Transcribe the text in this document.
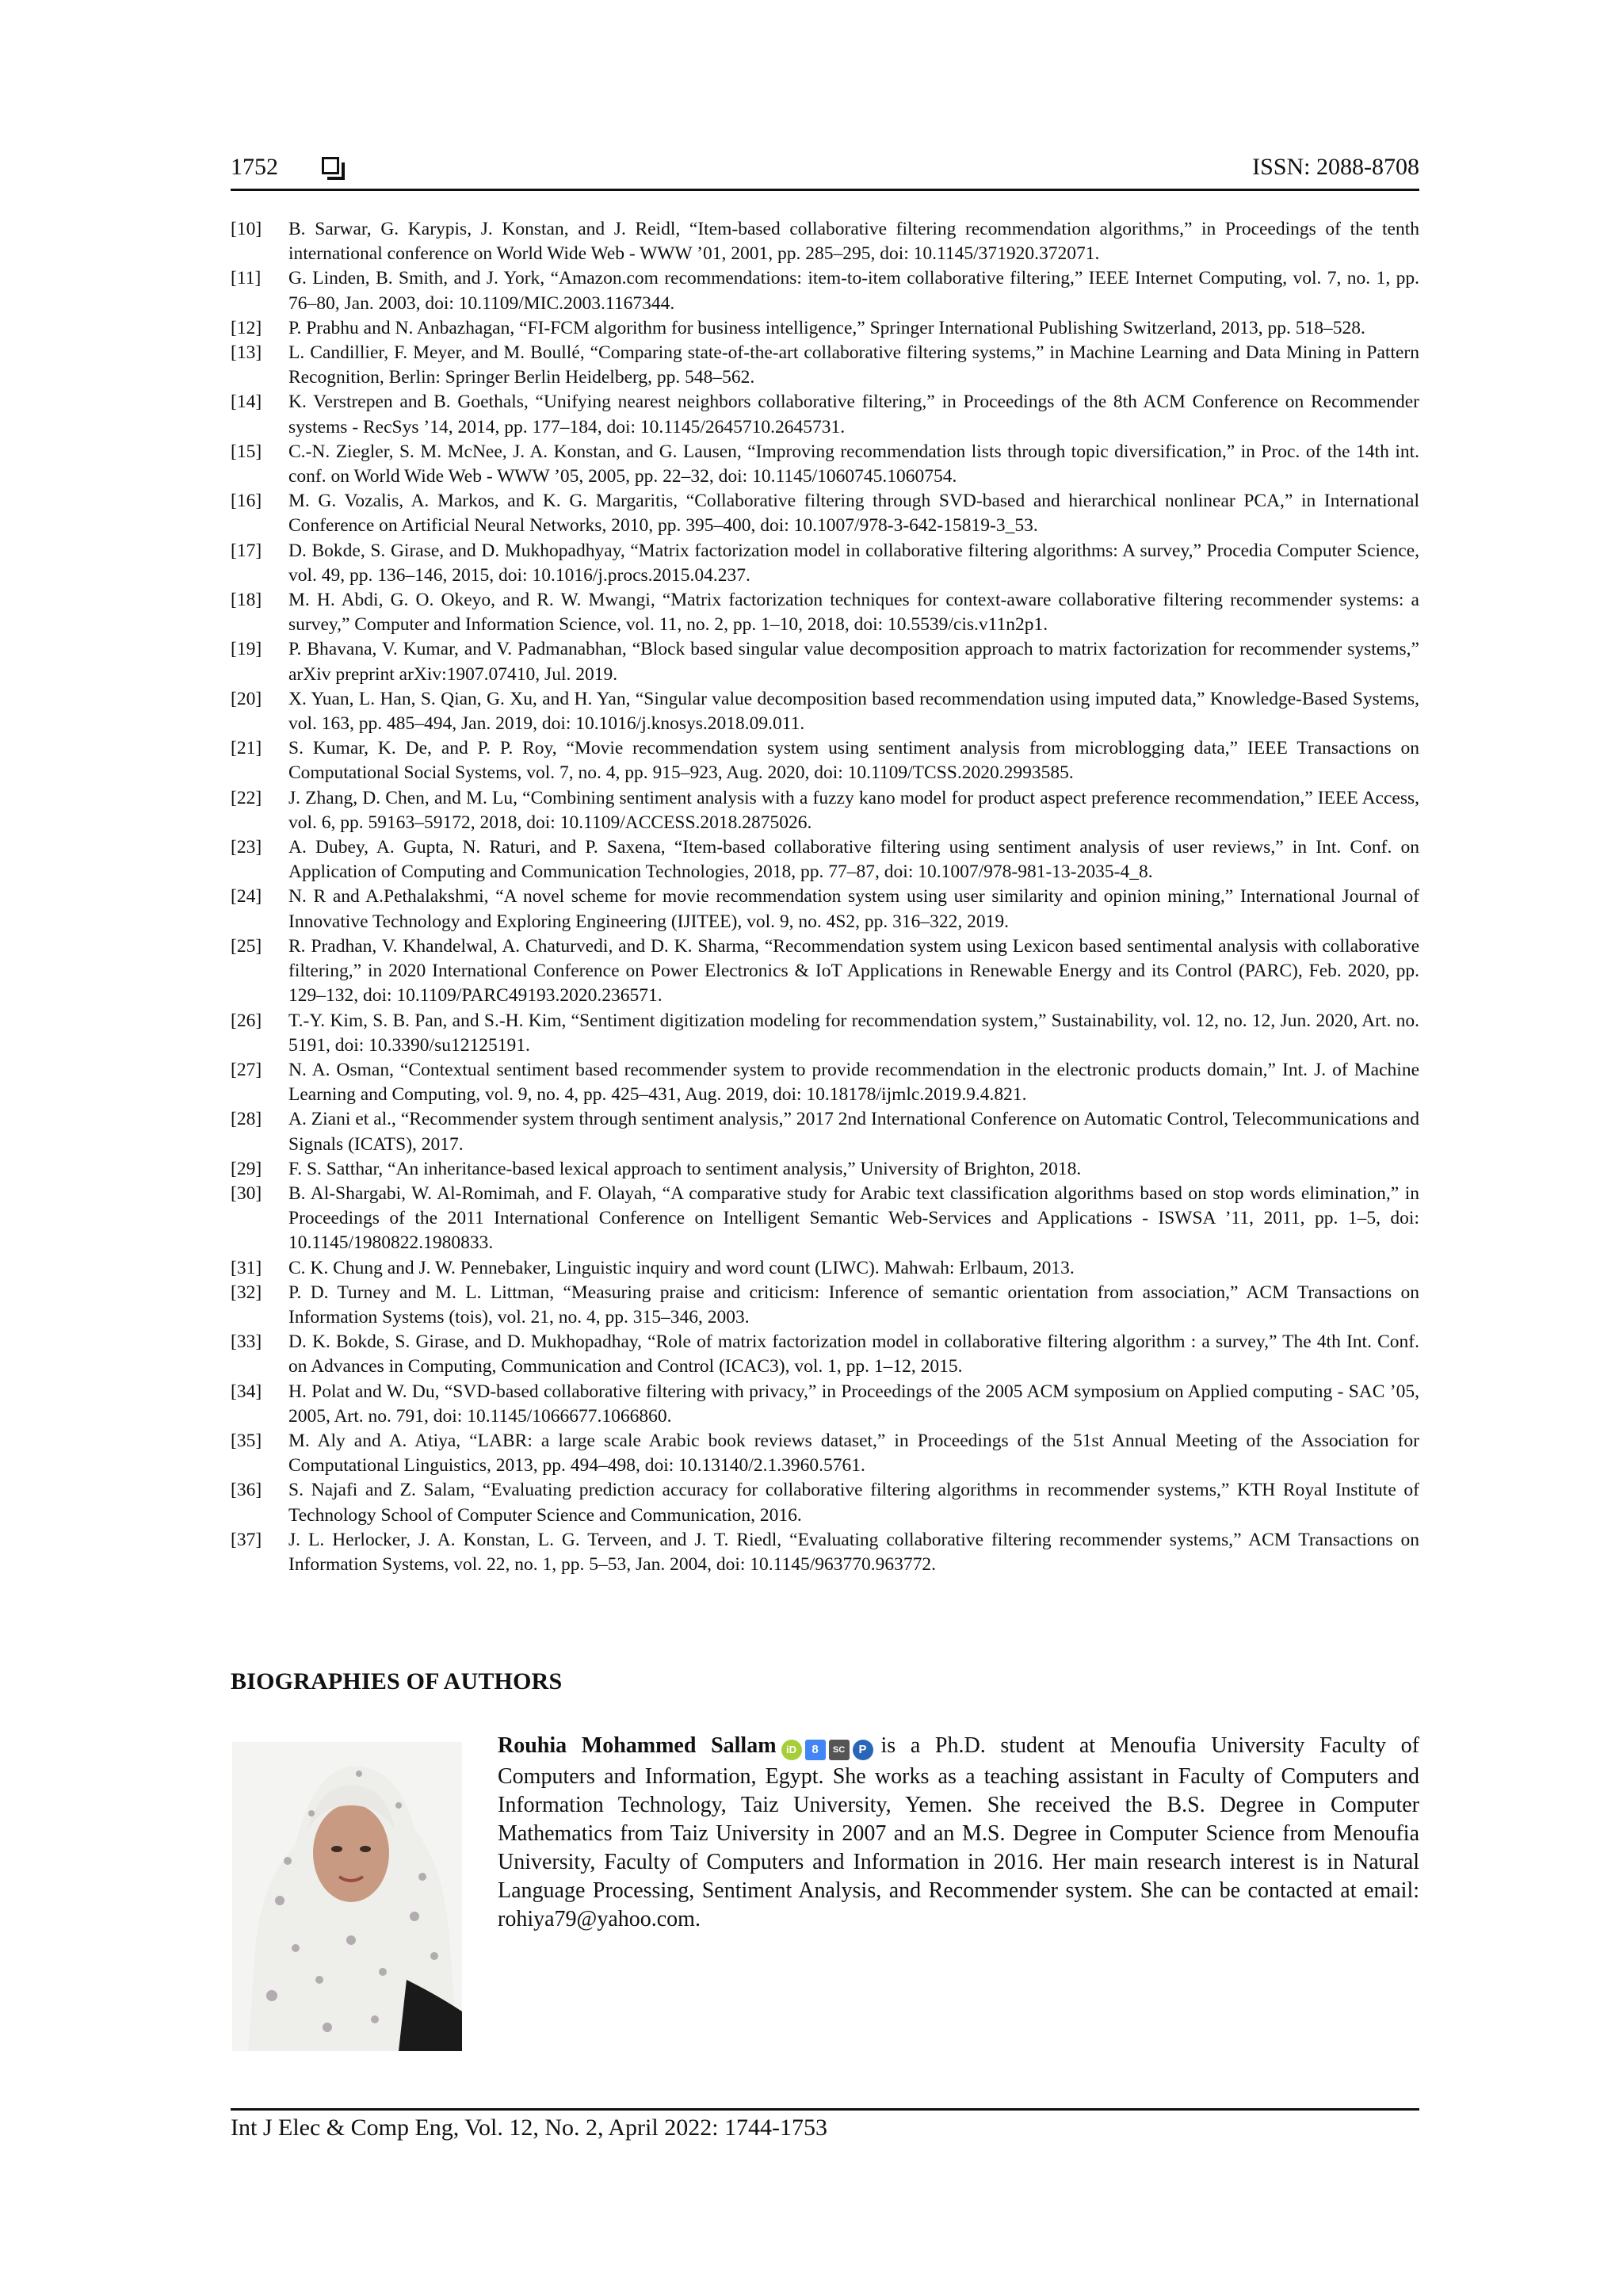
1752	ISSN: 2088-8708
[10] B. Sarwar, G. Karypis, J. Konstan, and J. Reidl, “Item-based collaborative filtering recommendation algorithms,” in Proceedings of the tenth international conference on World Wide Web - WWW ’01, 2001, pp. 285–295, doi: 10.1145/371920.372071.
[11] G. Linden, B. Smith, and J. York, “Amazon.com recommendations: item-to-item collaborative filtering,” IEEE Internet Computing, vol. 7, no. 1, pp. 76–80, Jan. 2003, doi: 10.1109/MIC.2003.1167344.
[12] P. Prabhu and N. Anbazhagan, “FI-FCM algorithm for business intelligence,” Springer International Publishing Switzerland, 2013, pp. 518–528.
[13] L. Candillier, F. Meyer, and M. Boullé, “Comparing state-of-the-art collaborative filtering systems,” in Machine Learning and Data Mining in Pattern Recognition, Berlin: Springer Berlin Heidelberg, pp. 548–562.
[14] K. Verstrepen and B. Goethals, “Unifying nearest neighbors collaborative filtering,” in Proceedings of the 8th ACM Conference on Recommender systems - RecSys ’14, 2014, pp. 177–184, doi: 10.1145/2645710.2645731.
[15] C.-N. Ziegler, S. M. McNee, J. A. Konstan, and G. Lausen, “Improving recommendation lists through topic diversification,” in Proc. of the 14th int. conf. on World Wide Web - WWW ’05, 2005, pp. 22–32, doi: 10.1145/1060745.1060754.
[16] M. G. Vozalis, A. Markos, and K. G. Margaritis, “Collaborative filtering through SVD-based and hierarchical nonlinear PCA,” in International Conference on Artificial Neural Networks, 2010, pp. 395–400, doi: 10.1007/978-3-642-15819-3_53.
[17] D. Bokde, S. Girase, and D. Mukhopadhyay, “Matrix factorization model in collaborative filtering algorithms: A survey,” Procedia Computer Science, vol. 49, pp. 136–146, 2015, doi: 10.1016/j.procs.2015.04.237.
[18] M. H. Abdi, G. O. Okeyo, and R. W. Mwangi, “Matrix factorization techniques for context-aware collaborative filtering recommender systems: a survey,” Computer and Information Science, vol. 11, no. 2, pp. 1–10, 2018, doi: 10.5539/cis.v11n2p1.
[19] P. Bhavana, V. Kumar, and V. Padmanabhan, “Block based singular value decomposition approach to matrix factorization for recommender systems,” arXiv preprint arXiv:1907.07410, Jul. 2019.
[20] X. Yuan, L. Han, S. Qian, G. Xu, and H. Yan, “Singular value decomposition based recommendation using imputed data,” Knowledge-Based Systems, vol. 163, pp. 485–494, Jan. 2019, doi: 10.1016/j.knosys.2018.09.011.
[21] S. Kumar, K. De, and P. P. Roy, “Movie recommendation system using sentiment analysis from microblogging data,” IEEE Transactions on Computational Social Systems, vol. 7, no. 4, pp. 915–923, Aug. 2020, doi: 10.1109/TCSS.2020.2993585.
[22] J. Zhang, D. Chen, and M. Lu, “Combining sentiment analysis with a fuzzy kano model for product aspect preference recommendation,” IEEE Access, vol. 6, pp. 59163–59172, 2018, doi: 10.1109/ACCESS.2018.2875026.
[23] A. Dubey, A. Gupta, N. Raturi, and P. Saxena, “Item-based collaborative filtering using sentiment analysis of user reviews,” in Int. Conf. on Application of Computing and Communication Technologies, 2018, pp. 77–87, doi: 10.1007/978-981-13-2035-4_8.
[24] N. R and A.Pethalakshmi, “A novel scheme for movie recommendation system using user similarity and opinion mining,” International Journal of Innovative Technology and Exploring Engineering (IJITEE), vol. 9, no. 4S2, pp. 316–322, 2019.
[25] R. Pradhan, V. Khandelwal, A. Chaturvedi, and D. K. Sharma, “Recommendation system using Lexicon based sentimental analysis with collaborative filtering,” in 2020 International Conference on Power Electronics & IoT Applications in Renewable Energy and its Control (PARC), Feb. 2020, pp. 129–132, doi: 10.1109/PARC49193.2020.236571.
[26] T.-Y. Kim, S. B. Pan, and S.-H. Kim, “Sentiment digitization modeling for recommendation system,” Sustainability, vol. 12, no. 12, Jun. 2020, Art. no. 5191, doi: 10.3390/su12125191.
[27] N. A. Osman, “Contextual sentiment based recommender system to provide recommendation in the electronic products domain,” Int. J. of Machine Learning and Computing, vol. 9, no. 4, pp. 425–431, Aug. 2019, doi: 10.18178/ijmlc.2019.9.4.821.
[28] A. Ziani et al., “Recommender system through sentiment analysis,” 2017 2nd International Conference on Automatic Control, Telecommunications and Signals (ICATS), 2017.
[29] F. S. Satthar, “An inheritance-based lexical approach to sentiment analysis,” University of Brighton, 2018.
[30] B. Al-Shargabi, W. Al-Romimah, and F. Olayah, “A comparative study for Arabic text classification algorithms based on stop words elimination,” in Proceedings of the 2011 International Conference on Intelligent Semantic Web-Services and Applications - ISWSA ’11, 2011, pp. 1–5, doi: 10.1145/1980822.1980833.
[31] C. K. Chung and J. W. Pennebaker, Linguistic inquiry and word count (LIWC). Mahwah: Erlbaum, 2013.
[32] P. D. Turney and M. L. Littman, “Measuring praise and criticism: Inference of semantic orientation from association,” ACM Transactions on Information Systems (tois), vol. 21, no. 4, pp. 315–346, 2003.
[33] D. K. Bokde, S. Girase, and D. Mukhopadhay, “Role of matrix factorization model in collaborative filtering algorithm : a survey,” The 4th Int. Conf. on Advances in Computing, Communication and Control (ICAC3), vol. 1, pp. 1–12, 2015.
[34] H. Polat and W. Du, “SVD-based collaborative filtering with privacy,” in Proceedings of the 2005 ACM symposium on Applied computing - SAC ’05, 2005, Art. no. 791, doi: 10.1145/1066677.1066860.
[35] M. Aly and A. Atiya, “LABR: a large scale Arabic book reviews dataset,” in Proceedings of the 51st Annual Meeting of the Association for Computational Linguistics, 2013, pp. 494–498, doi: 10.13140/2.1.3960.5761.
[36] S. Najafi and Z. Salam, “Evaluating prediction accuracy for collaborative filtering algorithms in recommender systems,” KTH Royal Institute of Technology School of Computer Science and Communication, 2016.
[37] J. L. Herlocker, J. A. Konstan, L. G. Terveen, and J. T. Riedl, “Evaluating collaborative filtering recommender systems,” ACM Transactions on Information Systems, vol. 22, no. 1, pp. 5–53, Jan. 2004, doi: 10.1145/963770.963772.
BIOGRAPHIES OF AUTHORS
Rouhia Mohammed Sallam iD 8 SC P is a Ph.D. student at Menoufia University Faculty of Computers and Information, Egypt. She works as a teaching assistant in Faculty of Computers and Information Technology, Taiz University, Yemen. She received the B.S. Degree in Computer Mathematics from Taiz University in 2007 and an M.S. Degree in Computer Science from Menoufia University, Faculty of Computers and Information in 2016. Her main research interest is in Natural Language Processing, Sentiment Analysis, and Recommender system. She can be contacted at email: rohiya79@yahoo.com.
Int J Elec & Comp Eng, Vol. 12, No. 2, April 2022: 1744-1753
